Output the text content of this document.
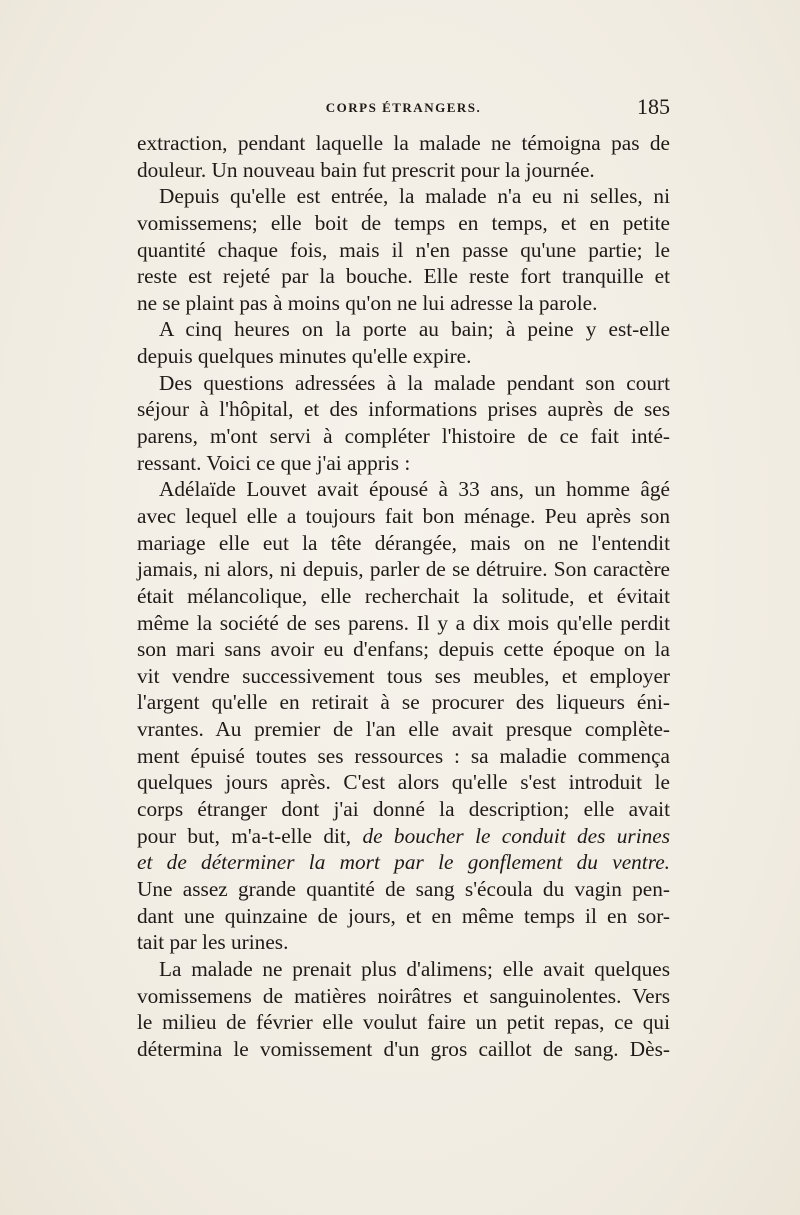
CORPS ÉTRANGERS.	185
extraction, pendant laquelle la malade ne témoigna pas de
douleur. Un nouveau bain fut prescrit pour la journée.
Depuis qu'elle est entrée, la malade n'a eu ni selles, ni
vomissemens; elle boit de temps en temps, et en petite
quantité chaque fois, mais il n'en passe qu'une partie; le
reste est rejeté par la bouche. Elle reste fort tranquille et
ne se plaint pas à moins qu'on ne lui adresse la parole.
A cinq heures on la porte au bain; à peine y est-elle
depuis quelques minutes qu'elle expire.
Des questions adressées à la malade pendant son court
séjour à l'hôpital, et des informations prises auprès de ses
parens, m'ont servi à compléter l'histoire de ce fait inté-
ressant. Voici ce que j'ai appris :
Adélaïde Louvet avait épousé à 33 ans, un homme âgé
avec lequel elle a toujours fait bon ménage. Peu après son
mariage elle eut la tête dérangée, mais on ne l'entendit
jamais, ni alors, ni depuis, parler de se détruire. Son caractère
était mélancolique, elle recherchait la solitude, et évitait
même la société de ses parens. Il y a dix mois qu'elle perdit
son mari sans avoir eu d'enfans; depuis cette époque on la
vit vendre successivement tous ses meubles, et employer
l'argent qu'elle en retirait à se procurer des liqueurs éni-
vrantes. Au premier de l'an elle avait presque complète-
ment épuisé toutes ses ressources : sa maladie commença
quelques jours après. C'est alors qu'elle s'est introduit le
corps étranger dont j'ai donné la description; elle avait
pour but, m'a-t-elle dit, de boucher le conduit des urines
et de déterminer la mort par le gonflement du ventre.
Une assez grande quantité de sang s'écoula du vagin pen-
dant une quinzaine de jours, et en même temps il en sor-
tait par les urines.
La malade ne prenait plus d'alimens; elle avait quelques
vomissemens de matières noirâtres et sanguinolentes. Vers
le milieu de février elle voulut faire un petit repas, ce qui
détermina le vomissement d'un gros caillot de sang. Dès-
